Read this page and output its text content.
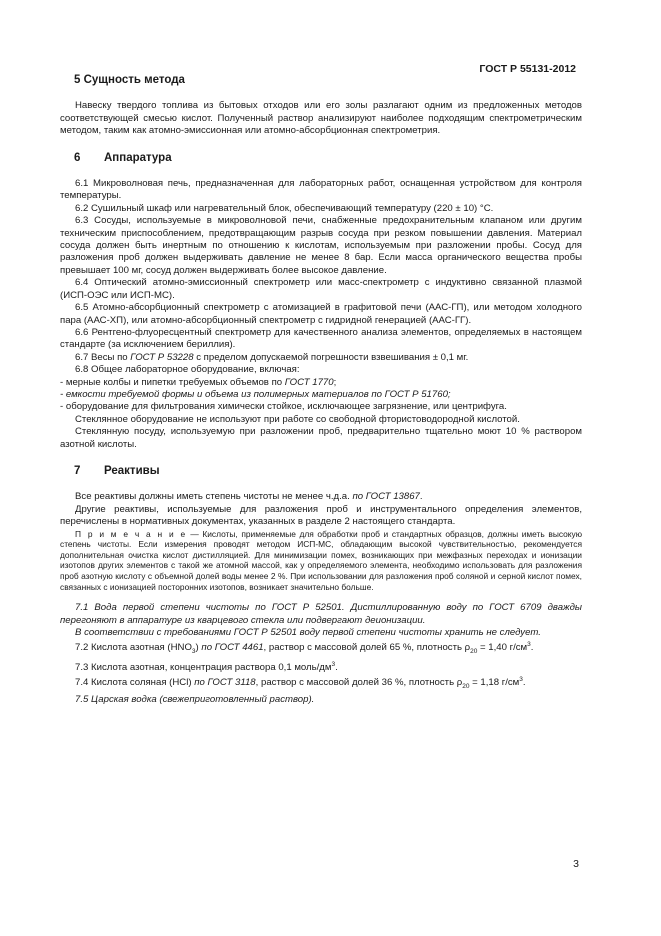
ГОСТ Р 55131-2012
5 Сущность метода

Навеску твердого топлива из бытовых отходов или его золы разлагают одним из предложенных методов соответствующей смесью кислот. Полученный раствор анализируют наиболее подходящим спектрометрическим методом, таким как атомно-эмиссионная или атомно-абсорбционная спектрометрия.

6 Аппаратура

6.1 Микроволновая печь, предназначенная для лабораторных работ, оснащенная устройством для контроля температуры.

6.2 Сушильный шкаф или нагревательный блок, обеспечивающий температуру (220 ± 10) °С.

6.3 Сосуды, используемые в микроволновой печи, снабженные предохранительным клапаном или другим техническим приспособлением, предотвращающим разрыв сосуда при резком повышении давления. Материал сосуда должен быть инертным по отношению к кислотам, используемым при разложении пробы. Сосуд для разложения проб должен выдерживать давление не менее 8 бар. Если масса органического вещества пробы превышает 100 мг, сосуд должен выдерживать более высокое давление.

6.4 Оптический атомно-эмиссионный спектрометр или масс-спектрометр с индуктивно связанной плазмой (ИСП-ОЭС или ИСП-МС).

6.5 Атомно-абсорбционный спектрометр с атомизацией в графитовой печи (ААС-ГП), или методом холодного пара (ААС-ХП), или атомно-абсорбционный спектрометр с гидридной генерацией (ААС-ГГ).

6.6 Рентгено-флуоресцентный спектрометр для качественного анализа элементов, определяемых в настоящем стандарте (за исключением бериллия).

6.7 Весы по ГОСТ Р 53228 с пределом допускаемой погрешности взвешивания ± 0,1 мг.

6.8 Общее лабораторное оборудование, включая:

- мерные колбы и пипетки требуемых объемов по ГОСТ 1770;

- емкости требуемой формы и объема из полимерных материалов по ГОСТ Р 51760;

- оборудование для фильтрования химически стойкое, исключающее загрязнение, или центрифуга.

Стеклянное оборудование не используют при работе со свободной фтористоводородной кислотой.

Стеклянную посуду, используемую при разложении проб, предварительно тщательно моют 10 % раствором азотной кислоты.

7 Реактивы

Все реактивы должны иметь степень чистоты не менее ч.д.а. по ГОСТ 13867.

Другие реактивы, используемые для разложения проб и инструментального определения элементов, перечислены в нормативных документах, указанных в разделе 2 настоящего стандарта.

П р и м е ч а н и е — Кислоты, применяемые для обработки проб и стандартных образцов, должны иметь высокую степень чистоты. Если измерения проводят методом ИСП-МС, обладающим высокой чувствительностью, рекомендуется дополнительная очистка кислот дистилляцией. Для минимизации помех, возникающих при межфазных переходах и ионизации изотопов других элементов с такой же атомной массой, как у определяемого элемента, необходимо использовать для разложения проб азотную кислоту с объемной долей воды менее 2 %. При использовании для разложения проб соляной и серной кислот помех, связанных с ионизацией посторонних изотопов, возникает значительно больше.

7.1 Вода первой степени чистоты по ГОСТ Р 52501. Дистиллированную воду по ГОСТ 6709 дважды перегоняют в аппаратуре из кварцевого стекла или подвергают деионизации.

В соответствии с требованиями ГОСТ Р 52501 воду первой степени чистоты хранить не следует.

7.2 Кислота азотная $(HNO_3)$ по ГОСТ 4461, раствор с массовой долей 65 %, плотность $\rho_{20} = 1,40$ $г/см^3$.

7.3 Кислота азотная, концентрация раствора 0,1 моль/$дм^3$.

7.4 Кислота соляная (HCl) по ГОСТ 3118, раствор с массовой долей 36 %, плотность $\rho_{20} = 1,18$ $г/см^3$.

7.5 Царская водка (свежеприготовленный раствор).

3
